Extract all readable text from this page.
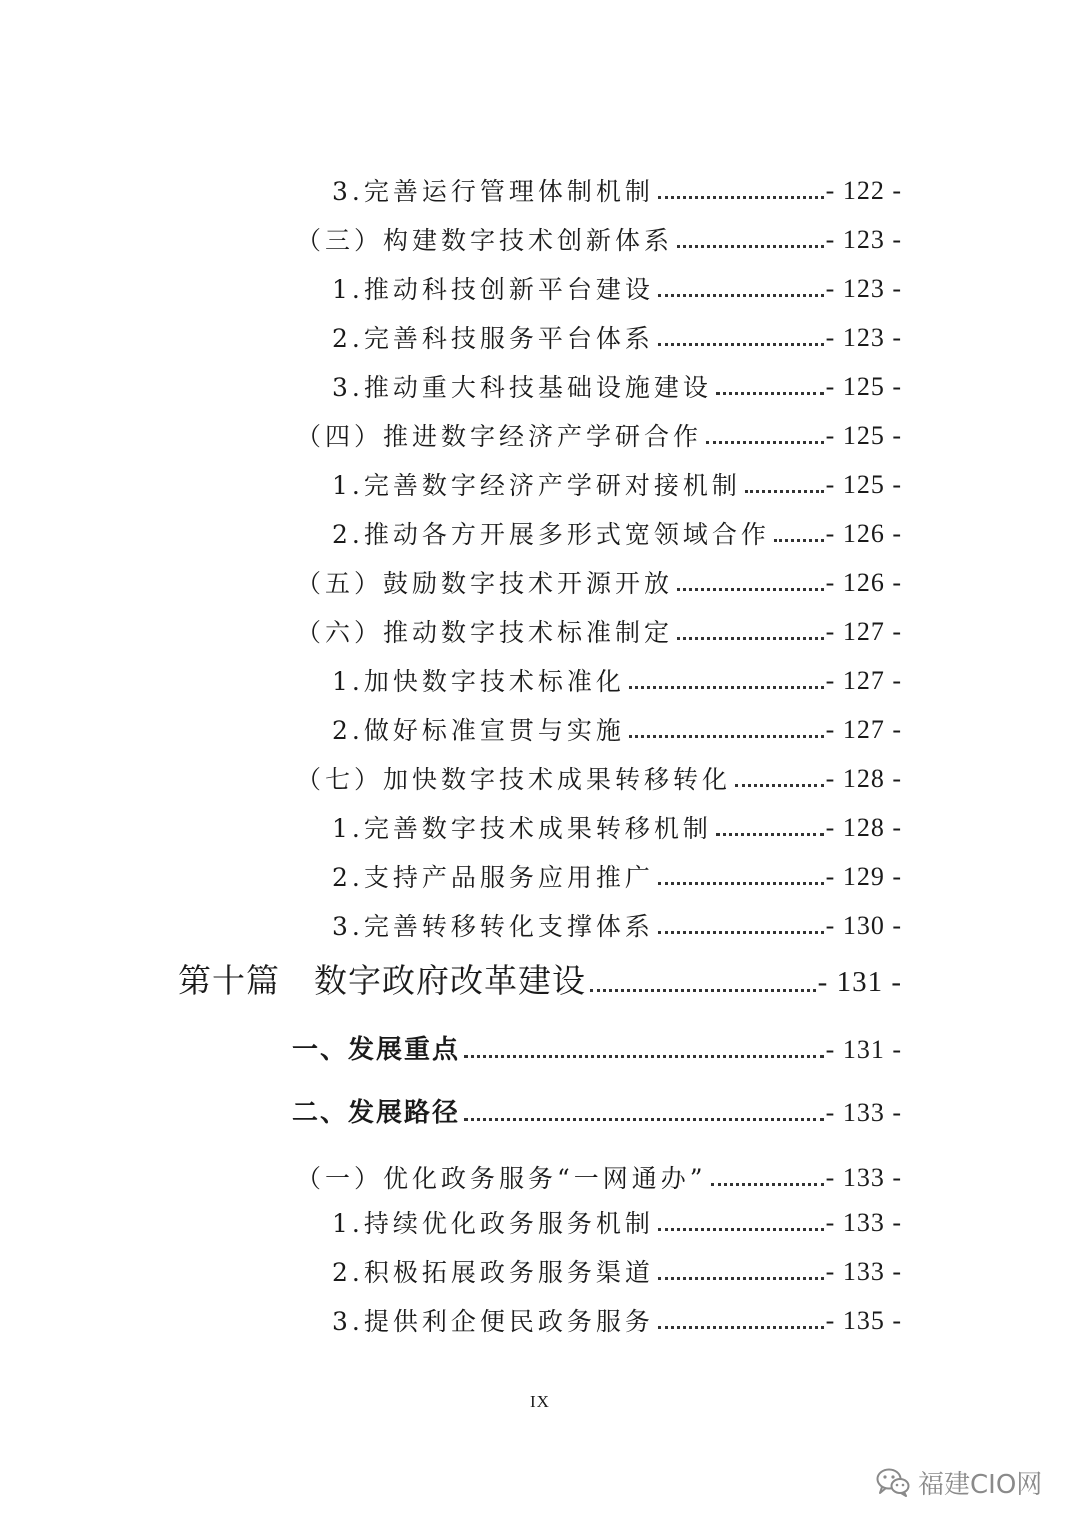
3.完善运行管理体制机制	- 122 -
（三）构建数字技术创新体系	- 123 -
1.推动科技创新平台建设	- 123 -
2.完善科技服务平台体系	- 123 -
3.推动重大科技基础设施建设	- 125 -
（四）推进数字经济产学研合作	- 125 -
1.完善数字经济产学研对接机制	- 125 -
2.推动各方开展多形式宽领域合作 - 126 -
（五）鼓励数字技术开源开放	- 126 -
（六）推动数字技术标准制定	- 127 -
1.加快数字技术标准化	- 127 -
2.做好标准宣贯与实施	- 127 -
（七）加快数字技术成果转移转化	- 128 -
1.完善数字技术成果转移机制	- 128 -
2.支持产品服务应用推广	- 129 -
3.完善转移转化支撑体系	- 130 -
第十篇 数字政府改革建设	- 131 -
一、发展重点	- 131 -
二、发展路径	- 133 -
（一）优化政务服务“一网通办”	- 133 -
1.持续优化政务服务机制	- 133 -
2.积极拓展政务服务渠道	- 133 -
3.提供利企便民政务服务	- 135 -
IX
福建CIO网
